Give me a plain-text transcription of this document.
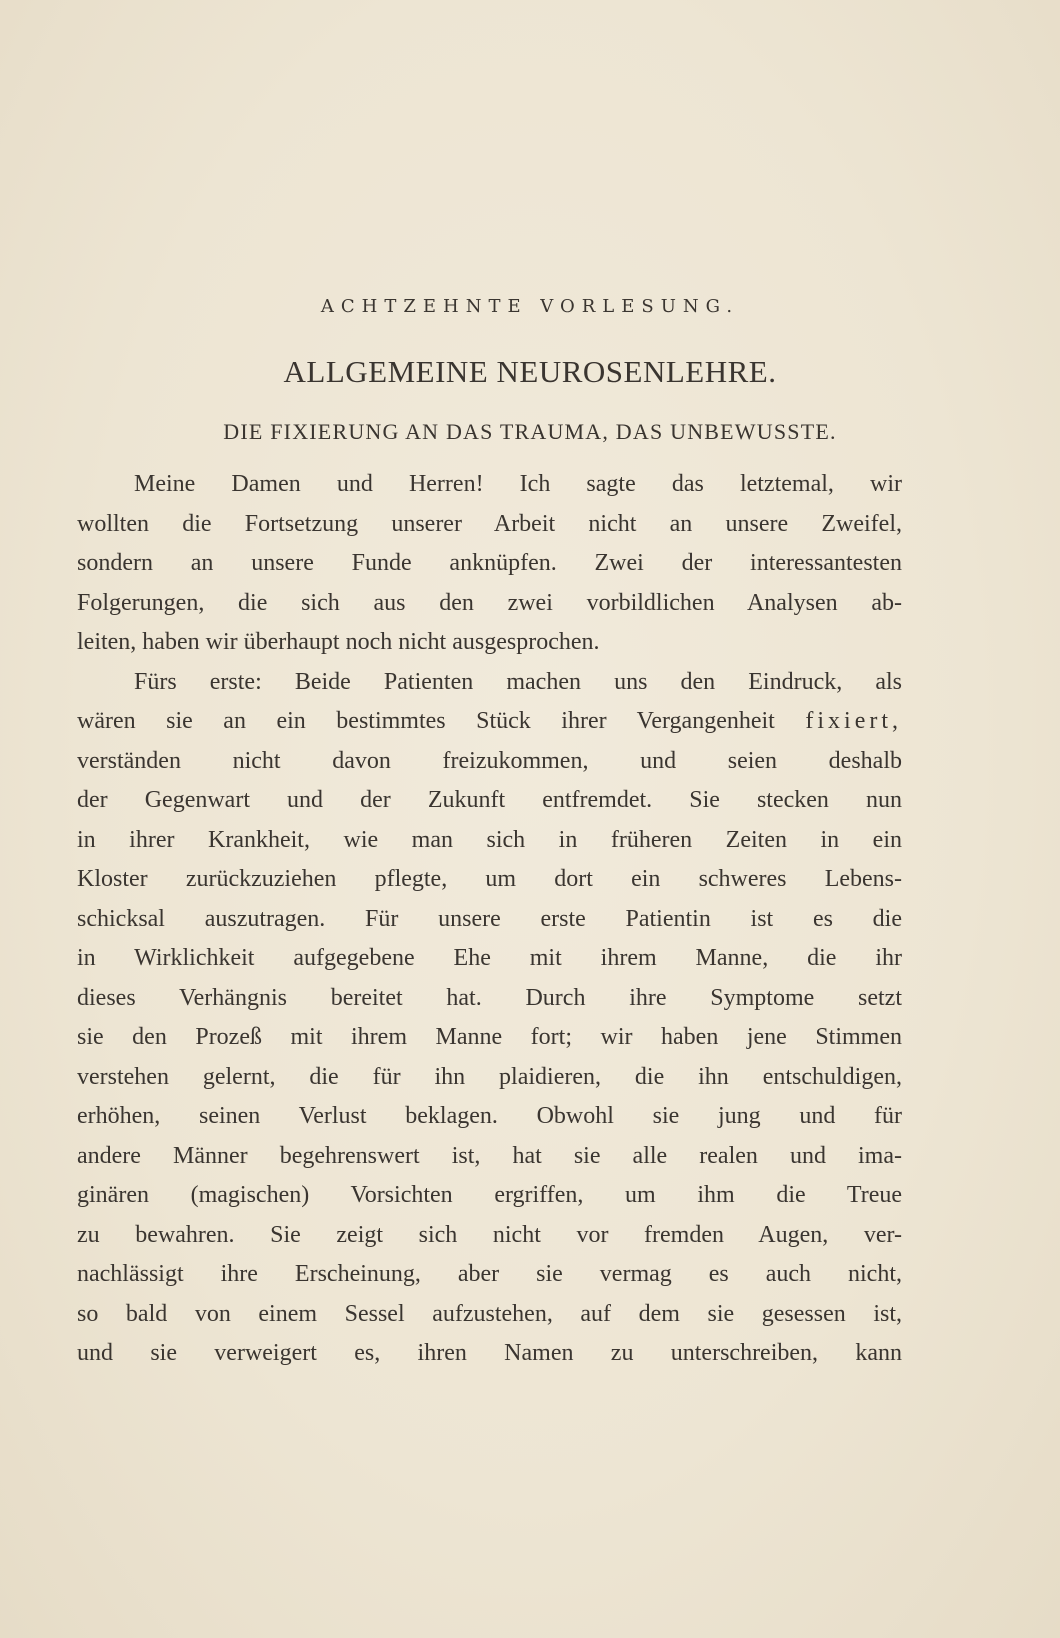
ACHTZEHNTE VORLESUNG.
ALLGEMEINE NEUROSENLEHRE.
DIE FIXIERUNG AN DAS TRAUMA, DAS UNBEWUSSTE.
Meine Damen und Herren! Ich sagte das letztemal, wir
wollten die Fortsetzung unserer Arbeit nicht an unsere Zweifel,
sondern an unsere Funde anknüpfen. Zwei der interessantesten
Folgerungen, die sich aus den zwei vorbildlichen Analysen ab-
leiten, haben wir überhaupt noch nicht ausgesprochen.
Fürs erste: Beide Patienten machen uns den Eindruck, als
wären sie an ein bestimmtes Stück ihrer Vergangenheit fixiert,
verständen nicht davon freizukommen, und seien deshalb
der Gegenwart und der Zukunft entfremdet. Sie stecken nun
in ihrer Krankheit, wie man sich in früheren Zeiten in ein
Kloster zurückzuziehen pflegte, um dort ein schweres Lebens-
schicksal auszutragen. Für unsere erste Patientin ist es die
in Wirklichkeit aufgegebene Ehe mit ihrem Manne, die ihr
dieses Verhängnis bereitet hat. Durch ihre Symptome setzt
sie den Prozeß mit ihrem Manne fort; wir haben jene Stimmen
verstehen gelernt, die für ihn plaidieren, die ihn entschuldigen,
erhöhen, seinen Verlust beklagen. Obwohl sie jung und für
andere Männer begehrenswert ist, hat sie alle realen und ima-
ginären (magischen) Vorsichten ergriffen, um ihm die Treue
zu bewahren. Sie zeigt sich nicht vor fremden Augen, ver-
nachlässigt ihre Erscheinung, aber sie vermag es auch nicht,
so bald von einem Sessel aufzustehen, auf dem sie gesessen ist,
und sie verweigert es, ihren Namen zu unterschreiben, kann
